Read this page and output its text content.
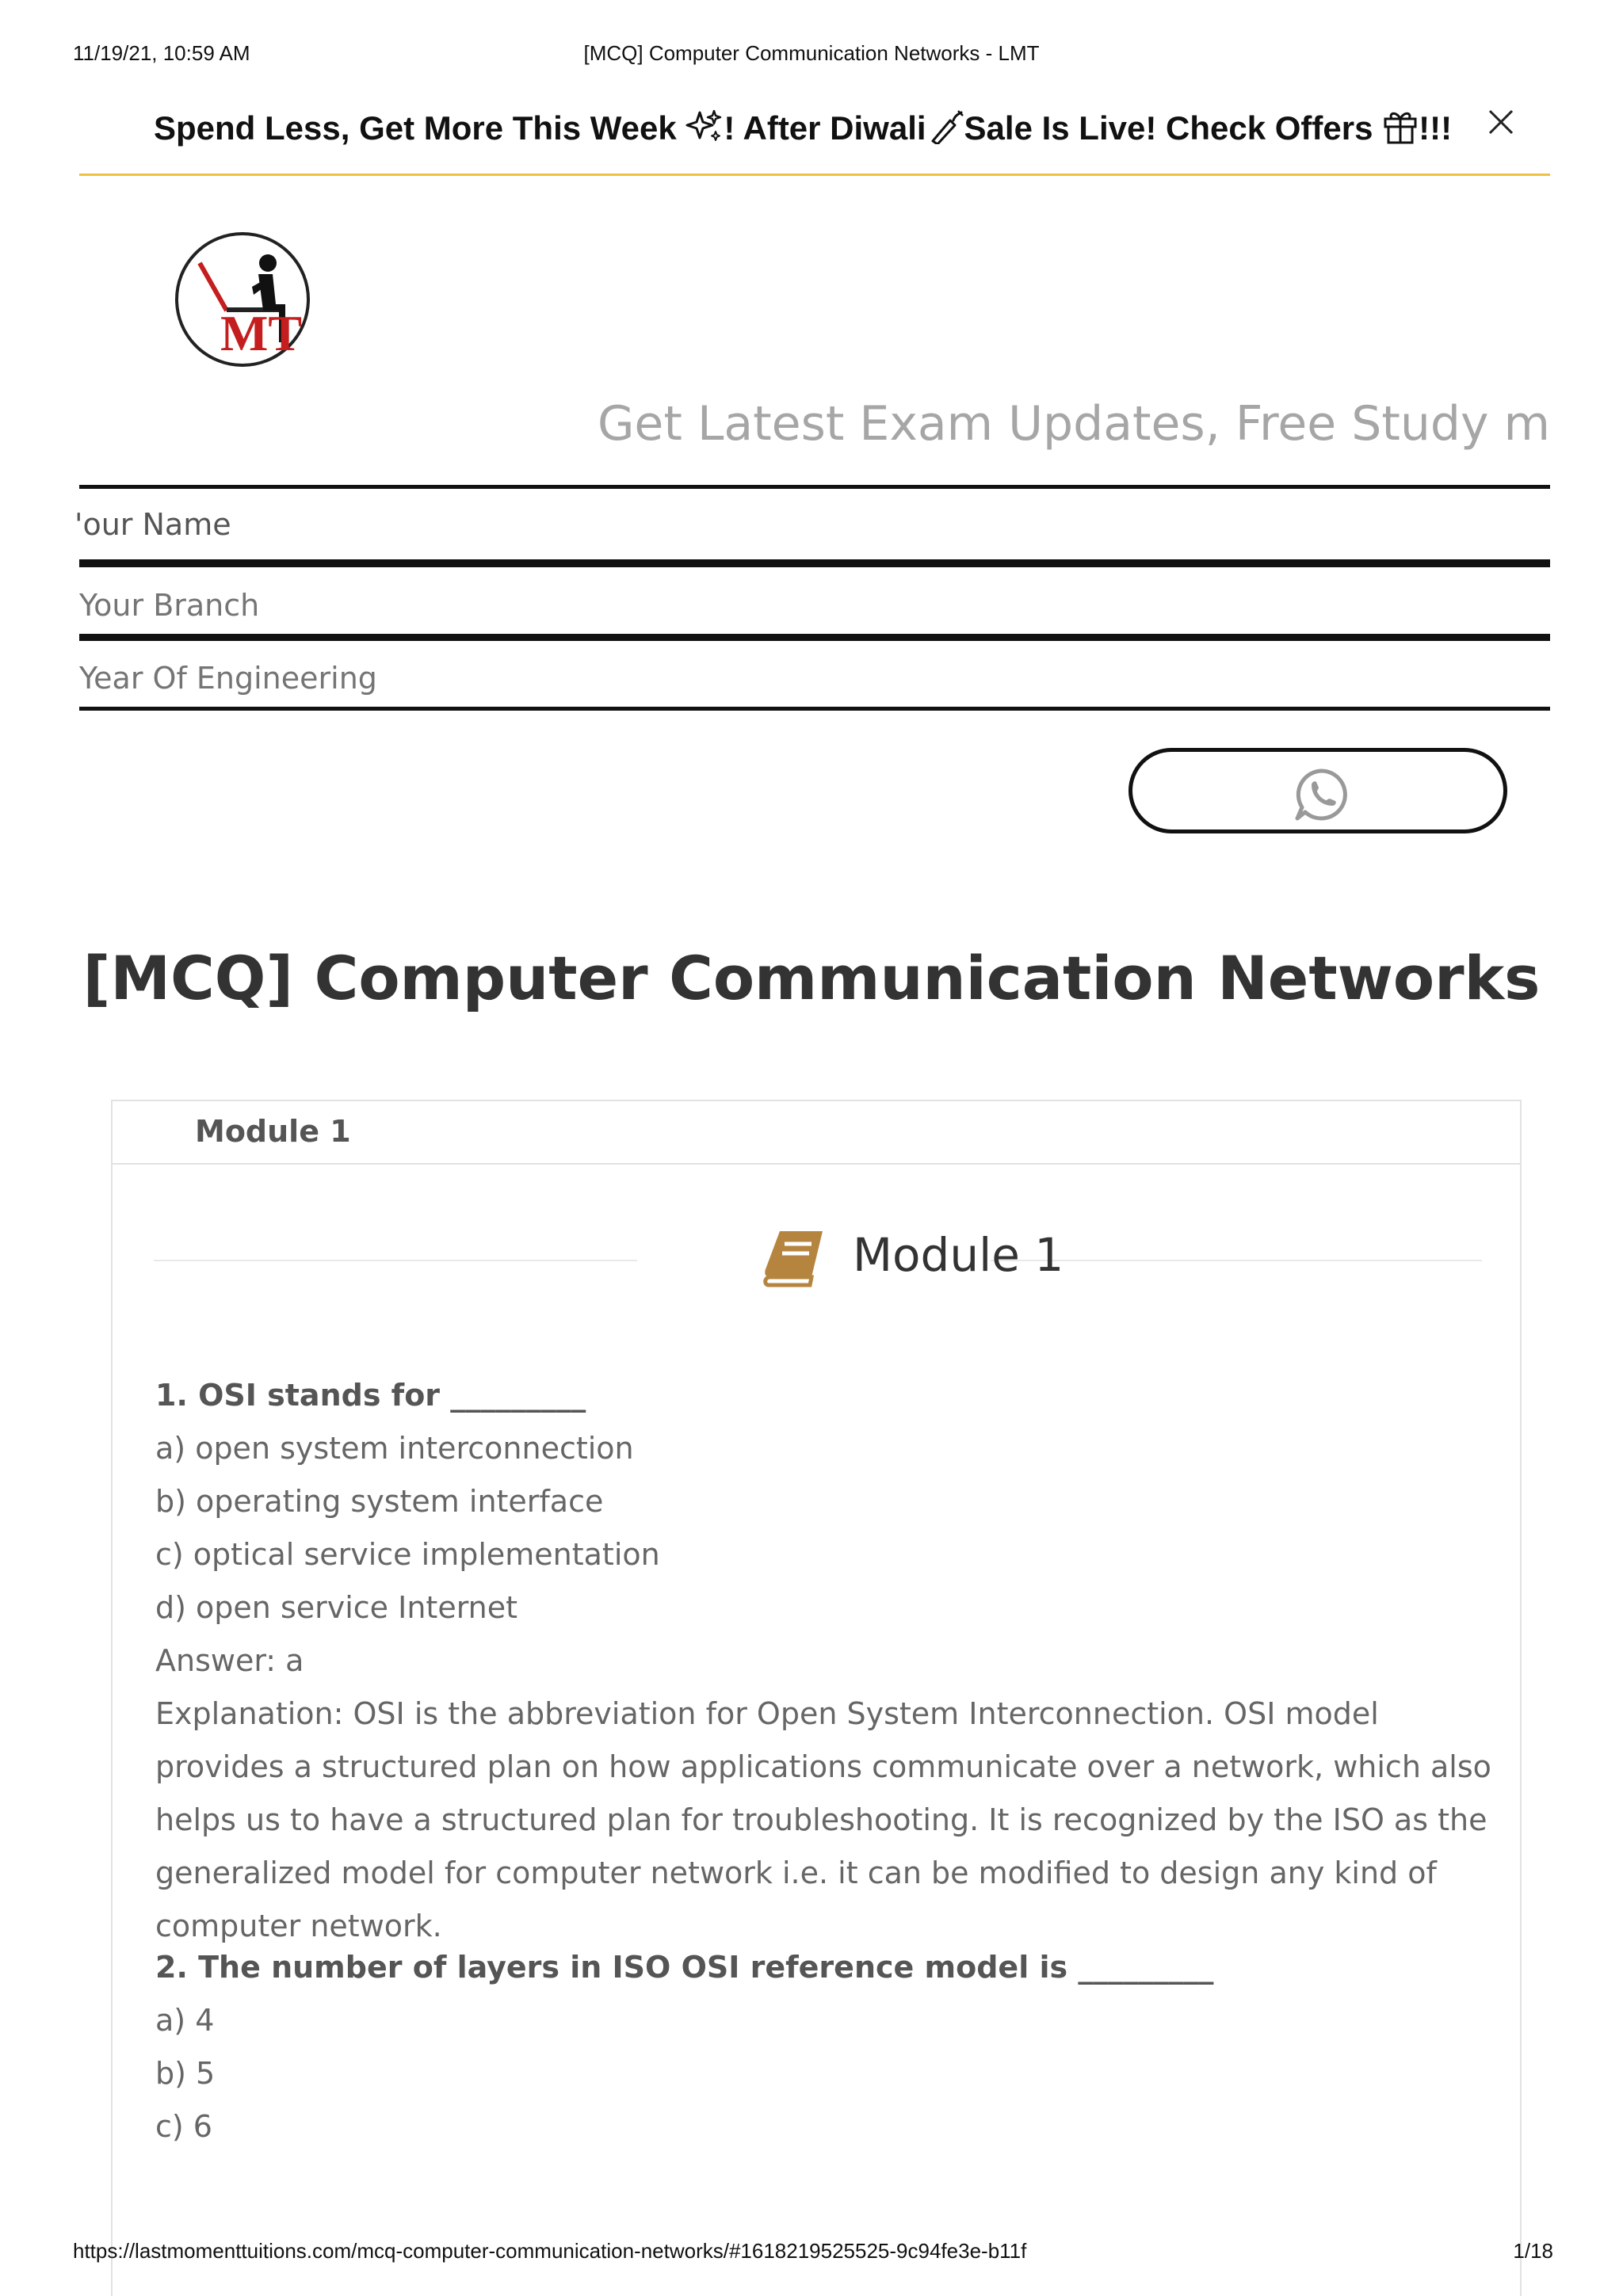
11/19/21, 10:59 AM	[MCQ] Computer Communication Networks - LMT
Spend Less, Get More This Week ! After Diwali Sale Is Live! Check Offers !!!
MT
Get Latest Exam Updates, Free Study m
'our Name
Your Branch
Year Of Engineering
[MCQ] Computer Communication Networks
Module 1
Module 1
1. OSI stands for _________
a) open system interconnection
b) operating system interface
c) optical service implementation
d) open service Internet
Answer: a
Explanation: OSI is the abbreviation for Open System Interconnection. OSI model provides a structured plan on how applications communicate over a network, which also helps us to have a structured plan for troubleshooting. It is recognized by the ISO as the generalized model for computer network i.e. it can be modified to design any kind of computer network.
2. The number of layers in ISO OSI reference model is _________
a) 4
b) 5
c) 6
https://lastmomenttuitions.com/mcq-computer-communication-networks/#1618219525525-9c94fe3e-b11f	1/18
